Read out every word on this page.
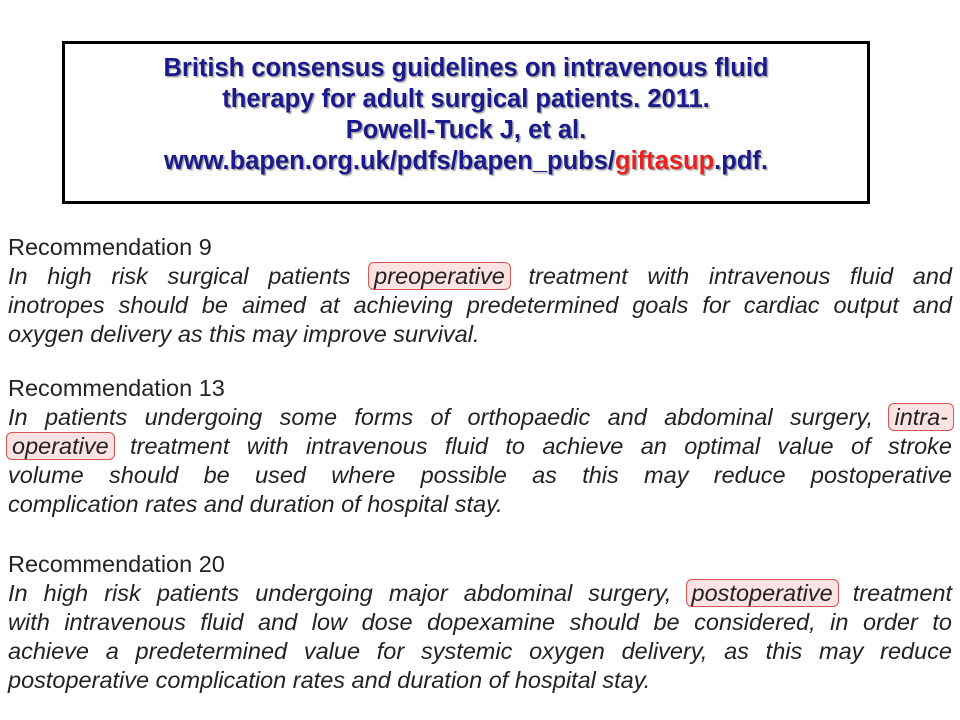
British consensus guidelines on intravenous fluid
therapy for adult surgical patients. 2011.
Powell-Tuck J, et al.
www.bapen.org.uk/pdfs/bapen_pubs/giftasup.pdf.
Recommendation 9
In high risk surgical patients preoperative treatment with intravenous fluid and
inotropes should be aimed at achieving predetermined goals for cardiac output and
oxygen delivery as this may improve survival.
Recommendation 13
In patients undergoing some forms of orthopaedic and abdominal surgery, intra-
operative treatment with intravenous fluid to achieve an optimal value of stroke
volume should be used where possible as this may reduce postoperative
complication rates and duration of hospital stay.
Recommendation 20
In high risk patients undergoing major abdominal surgery, postoperative treatment
with intravenous fluid and low dose dopexamine should be considered, in order to
achieve a predetermined value for systemic oxygen delivery, as this may reduce
postoperative complication rates and duration of hospital stay.
